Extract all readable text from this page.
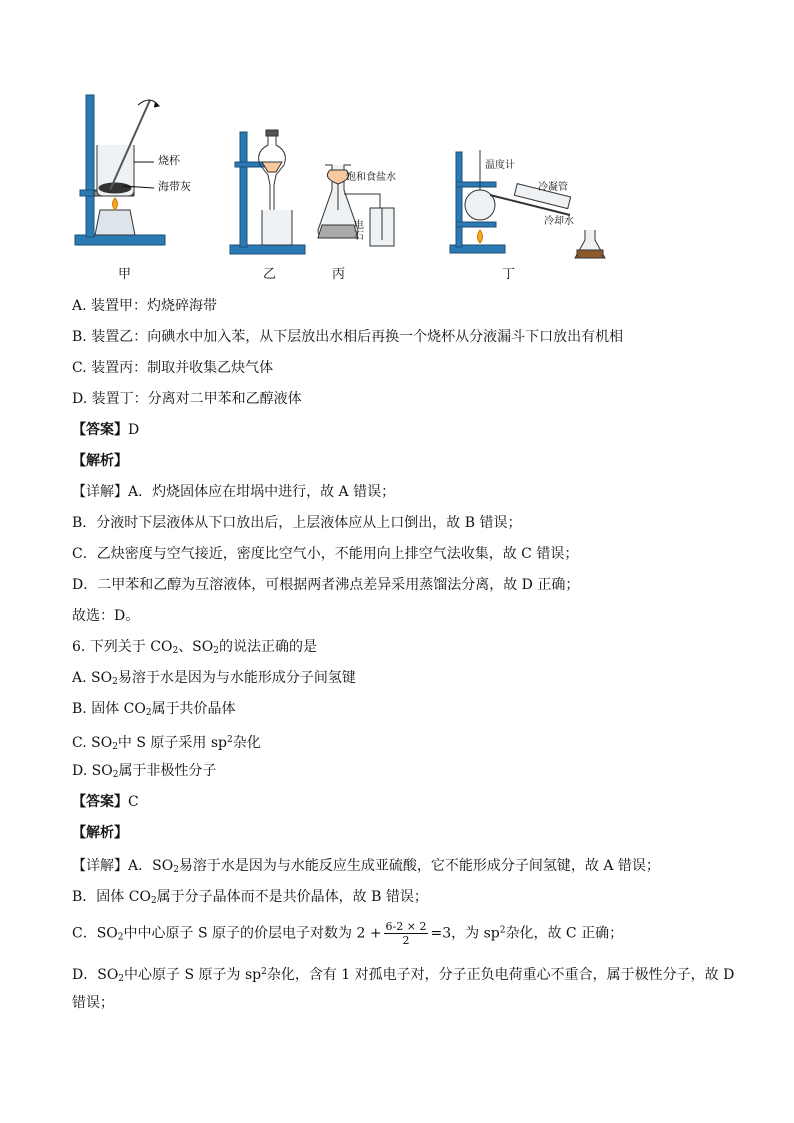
甲	乙	丙	丁
烧杯
海带灰
饱和食盐水
电石
温度计
冷凝管
冷却水
A. 装置甲：灼烧碎海带
B. 装置乙：向碘水中加入苯，从下层放出水相后再换一个烧杯从分液漏斗下口放出有机相
C. 装置丙：制取并收集乙炔气体
D. 装置丁：分离对二甲苯和乙醇液体
【答案】D
【解析】
【详解】A．灼烧固体应在坩埚中进行，故 A 错误；
B．分液时下层液体从下口放出后，上层液体应从上口倒出，故 B 错误；
C．乙炔密度与空气接近，密度比空气小，不能用向上排空气法收集，故 C 错误；
D．二甲苯和乙醇为互溶液体，可根据两者沸点差异采用蒸馏法分离，故 D 正确；
故选：D。
6. 下列关于 $CO_2$、$SO_2$的说法正确的是
A. $SO_2$易溶于水是因为与水能形成分子间氢键
B. 固体 $CO_2$属于共价晶体
C. $SO_2$中 S 原子采用 $sp^2$杂化
D. $SO_2$属于非极性分子
【答案】C
【解析】
【详解】A．$SO_2$易溶于水是因为与水能反应生成亚硫酸，它不能形成分子间氢键，故 A 错误；
B．固体 $CO_2$属于分子晶体而不是共价晶体，故 B 错误；
C．$SO_2$中中心原子 S 原子的价层电子对数为 $2 + \frac{6-2 \times 2}{2} =3$，为 $sp^2$杂化，故 C 正确；
D．$SO_2$中心原子 S 原子为 $sp^2$杂化，含有 1 对孤电子对，分子正负电荷重心不重合，属于极性分子，故 D
错误；
